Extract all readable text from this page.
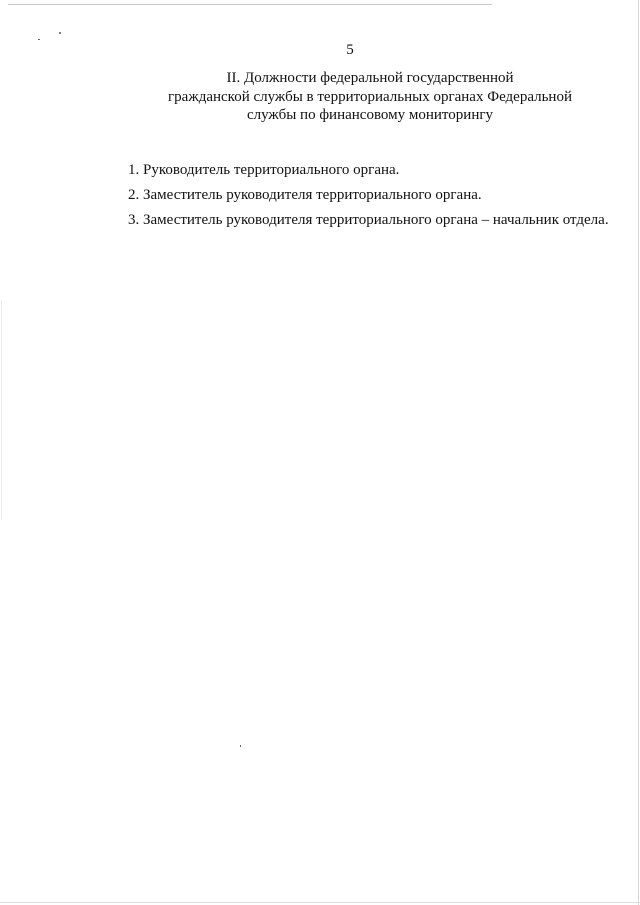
5
II. Должности федеральной государственной
гражданской службы в территориальных органах Федеральной
службы по финансовому мониторингу
1. Руководитель территориального органа.
2. Заместитель руководителя территориального органа.
3. Заместитель руководителя территориального органа – начальник отдела.
